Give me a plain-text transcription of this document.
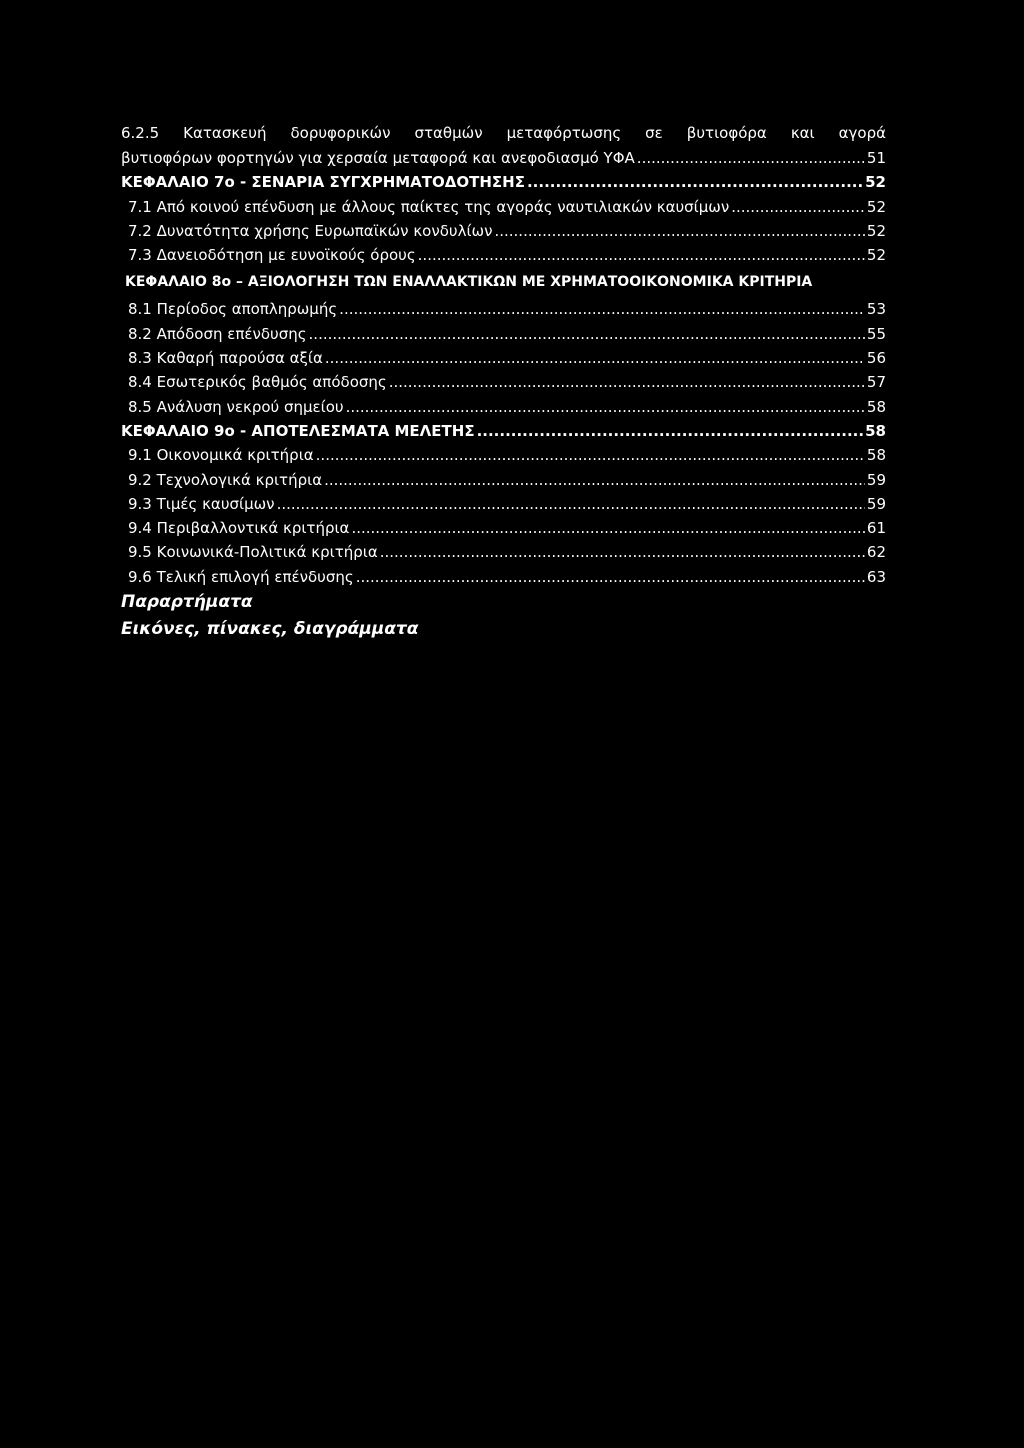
6.2.5 Κατασκευή δορυφορικών σταθμών μεταφόρτωσης σε βυτιοφόρα και αγορά
βυτιοφόρων φορτηγών για χερσαία μεταφορά και ανεφοδιασμό ΥΦΑ .....	51
ΚΕΦΑΛΑΙΟ 7ο - ΣΕΝΑΡΙΑ ΣΥΓΧΡΗΜΑΤΟΔΟΤΗΣΗΣ .....	52
7.1 Από κοινού επένδυση με άλλους παίκτες της αγοράς ναυτιλιακών καυσίμων .....	52
7.2 Δυνατότητα χρήσης Ευρωπαϊκών κονδυλίων .....	52
7.3 Δανειοδότηση με ευνοϊκούς όρους .....	52
ΚΕΦΑΛΑΙΟ 8ο – ΑΞΙΟΛΟΓΗΣΗ ΤΩΝ ΕΝΑΛΛΑΚΤΙΚΩΝ ΜΕ ΧΡΗΜΑΤΟΟΙΚΟΝΟΜΙΚΑ ΚΡΙΤΗΡΙΑ
8.1 Περίοδος αποπληρωμής .....	53
8.2 Απόδοση επένδυσης .....	55
8.3 Καθαρή παρούσα αξία .....	56
8.4 Εσωτερικός βαθμός απόδοσης .....	57
8.5 Ανάλυση νεκρού σημείου .....	58
ΚΕΦΑΛΑΙΟ 9ο - ΑΠΟΤΕΛΕΣΜΑΤΑ ΜΕΛΕΤΗΣ .....	58
9.1 Οικονομικά κριτήρια .....	58
9.2 Τεχνολογικά κριτήρια .....	59
9.3 Τιμές καυσίμων .....	59
9.4 Περιβαλλοντικά κριτήρια .....	61
9.5 Κοινωνικά-Πολιτικά κριτήρια .....	62
9.6 Τελική επιλογή επένδυσης .....	63
Παραρτήματα
Εικόνες, πίνακες, διαγράμματα
